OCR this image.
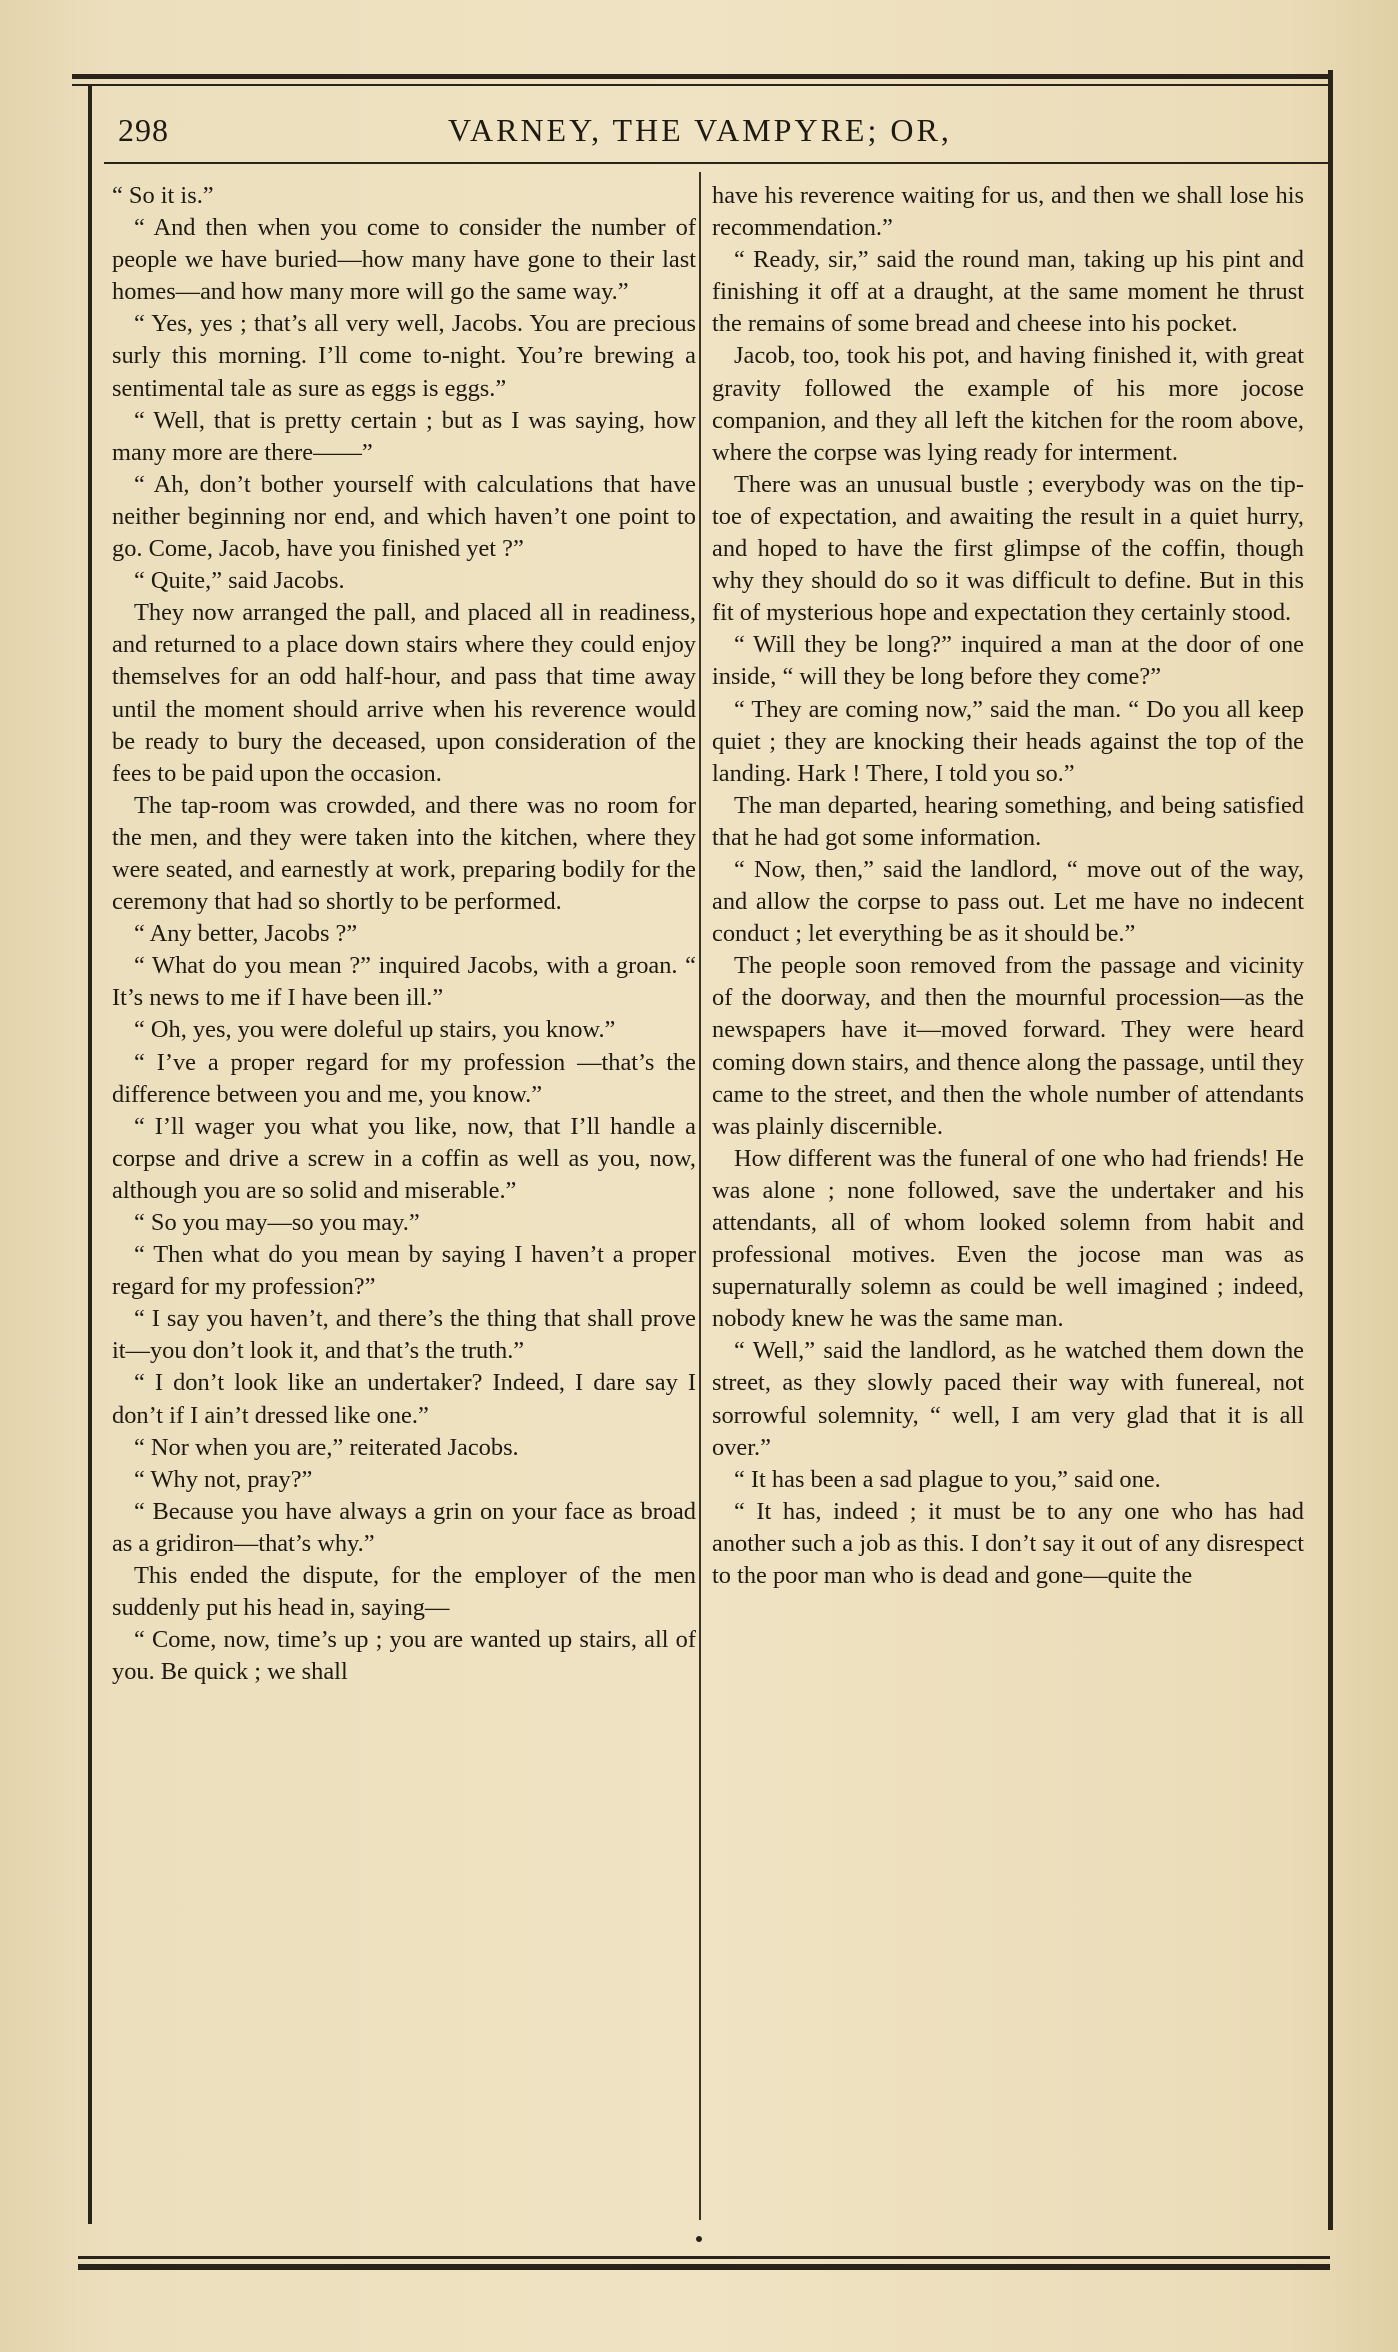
298	VARNEY, THE VAMPYRE; OR,

“ So it is.”

“ And then when you come to consider the number of people we have buried—how many have gone to their last homes—and how many more will go the same way.”

“ Yes, yes ; that’s all very well, Jacobs. You are precious surly this morning. I’ll come to-night. You’re brewing a sentimental tale as sure as eggs is eggs.”

“ Well, that is pretty certain ; but as I was saying, how many more are there——”

“ Ah, don’t bother yourself with calculations that have neither beginning nor end, and which haven’t one point to go. Come, Jacob, have you finished yet ?”

“ Quite,” said Jacobs.

They now arranged the pall, and placed all in readiness, and returned to a place down stairs where they could enjoy themselves for an odd half-hour, and pass that time away until the moment should arrive when his reverence would be ready to bury the deceased, upon consideration of the fees to be paid upon the occasion.

The tap-room was crowded, and there was no room for the men, and they were taken into the kitchen, where they were seated, and earnestly at work, preparing bodily for the ceremony that had so shortly to be performed.

“ Any better, Jacobs ?”

“ What do you mean ?” inquired Jacobs, with a groan. “ It’s news to me if I have been ill.”

“ Oh, yes, you were doleful up stairs, you know.”

“ I’ve a proper regard for my profession —that’s the difference between you and me, you know.”

“ I’ll wager you what you like, now, that I’ll handle a corpse and drive a screw in a coffin as well as you, now, although you are so solid and miserable.”

“ So you may—so you may.”

“ Then what do you mean by saying I haven’t a proper regard for my profession?”

“ I say you haven’t, and there’s the thing that shall prove it—you don’t look it, and that’s the truth.”

“ I don’t look like an undertaker? Indeed, I dare say I don’t if I ain’t dressed like one.”

“ Nor when you are,” reiterated Jacobs.

“ Why not, pray?”

“ Because you have always a grin on your face as broad as a gridiron—that’s why.”

This ended the dispute, for the employer of the men suddenly put his head in, saying—

“ Come, now, time’s up ; you are wanted up stairs, all of you. Be quick ; we shall

have his reverence waiting for us, and then we shall lose his recommendation.”

“ Ready, sir,” said the round man, taking up his pint and finishing it off at a draught, at the same moment he thrust the remains of some bread and cheese into his pocket.

Jacob, too, took his pot, and having finished it, with great gravity followed the example of his more jocose companion, and they all left the kitchen for the room above, where the corpse was lying ready for interment.

There was an unusual bustle ; everybody was on the tip-toe of expectation, and awaiting the result in a quiet hurry, and hoped to have the first glimpse of the coffin, though why they should do so it was difficult to define. But in this fit of mysterious hope and expectation they certainly stood.

“ Will they be long?” inquired a man at the door of one inside, “ will they be long before they come?”

“ They are coming now,” said the man. “ Do you all keep quiet ; they are knocking their heads against the top of the landing. Hark ! There, I told you so.”

The man departed, hearing something, and being satisfied that he had got some information.

“ Now, then,” said the landlord, “ move out of the way, and allow the corpse to pass out. Let me have no indecent conduct ; let everything be as it should be.”

The people soon removed from the passage and vicinity of the doorway, and then the mournful procession—as the newspapers have it—moved forward. They were heard coming down stairs, and thence along the passage, until they came to the street, and then the whole number of attendants was plainly discernible.

How different was the funeral of one who had friends! He was alone ; none followed, save the undertaker and his attendants, all of whom looked solemn from habit and professional motives. Even the jocose man was as supernaturally solemn as could be well imagined ; indeed, nobody knew he was the same man.

“ Well,” said the landlord, as he watched them down the street, as they slowly paced their way with funereal, not sorrowful solemnity, “ well, I am very glad that it is all over.”

“ It has been a sad plague to you,” said one.

“ It has, indeed ; it must be to any one who has had another such a job as this. I don’t say it out of any disrespect to the poor man who is dead and gone—quite the
